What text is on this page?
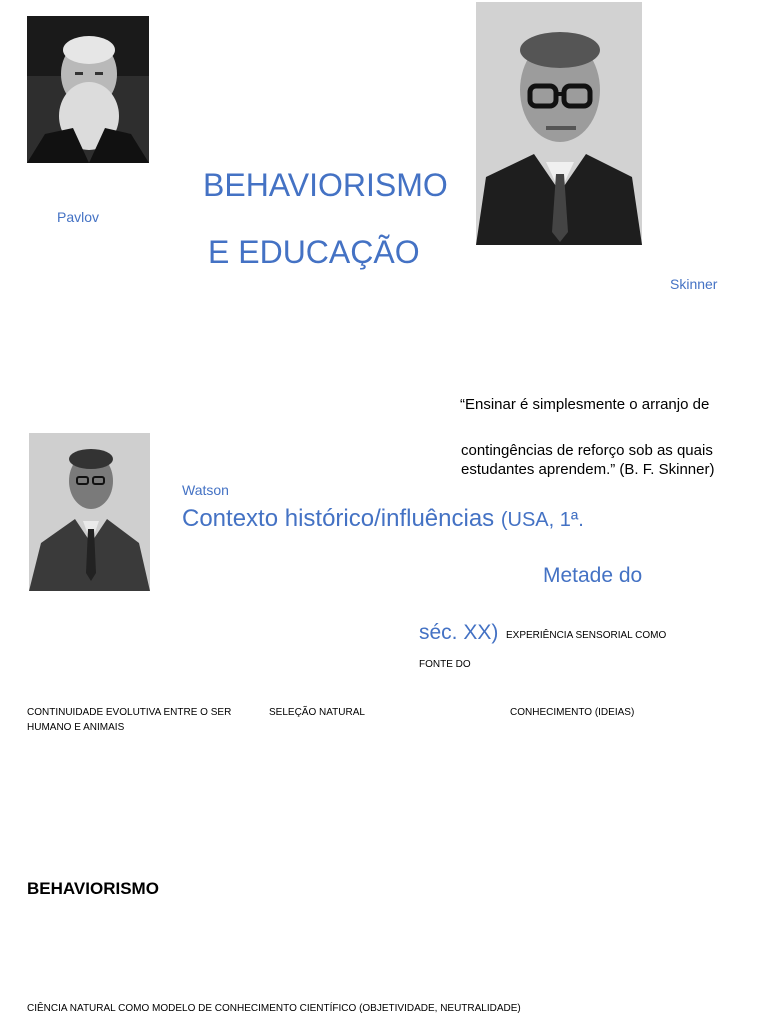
Pavlov
BEHAVIORISMO
E EDUCAÇÃO
Skinner
“Ensinar é simplesmente o arranjo de
contingências de reforço sob as quais
estudantes aprendem.” (B. F. Skinner)
Watson
Contexto histórico/influências (USA, 1ª.
Metade do
séc. XX) EXPERIÊNCIA SENSORIAL COMO
FONTE DO
CONTINUIDADE EVOLUTIVA ENTRE O SER
HUMANO E ANIMAIS
SELEÇÃO NATURAL	CONHECIMENTO (IDEIAS)
BEHAVIORISMO
CIÊNCIA NATURAL COMO MODELO DE CONHECIMENTO CIENTÍFICO (OBJETIVIDADE, NEUTRALIDADE)
